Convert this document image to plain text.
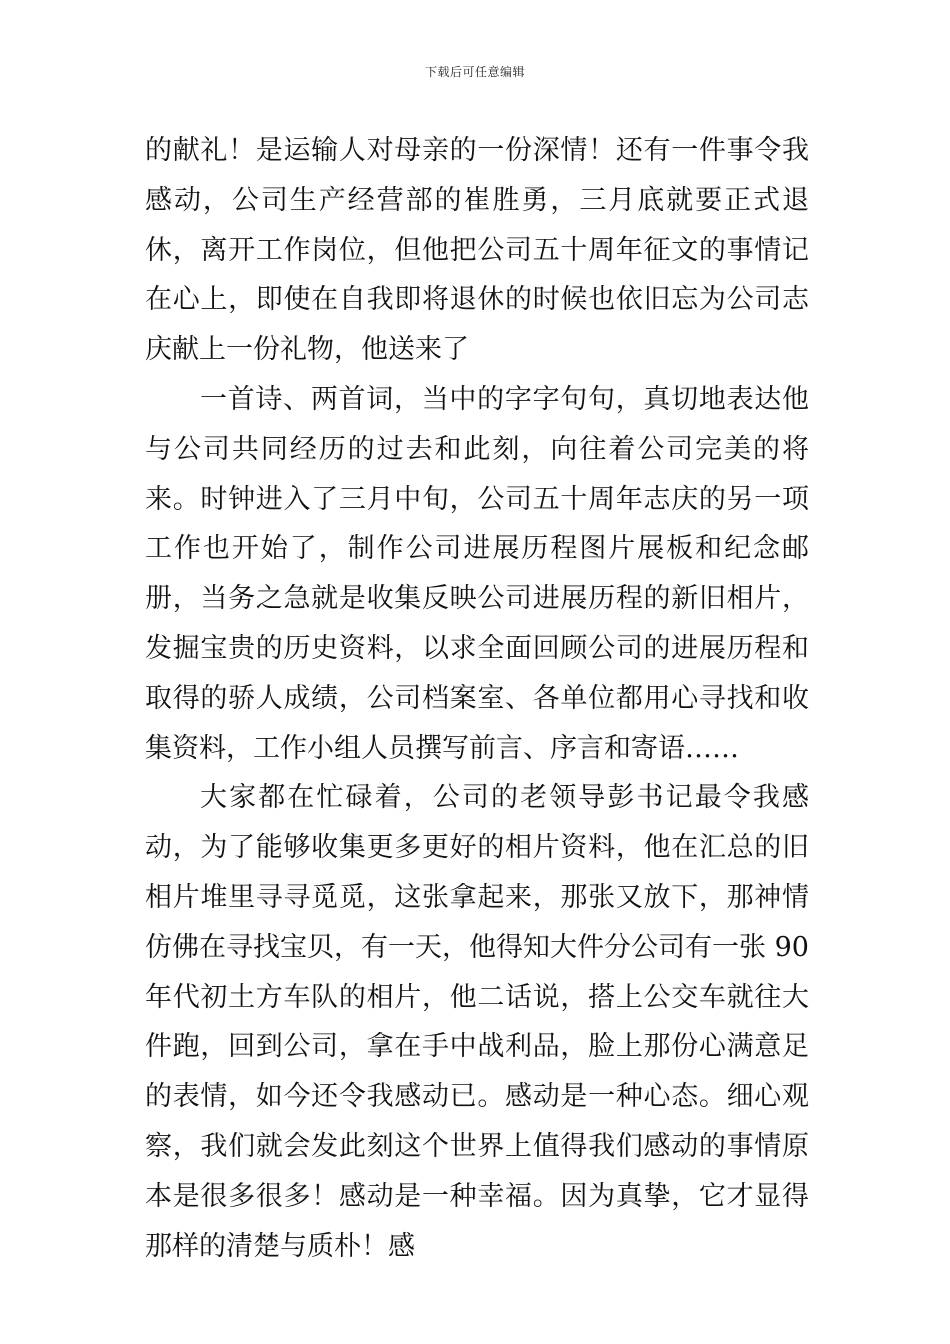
下载后可任意编辑

的献礼！是运输人对母亲的一份深情！还有一件事令我感动，公司生产经营部的崔胜勇，三月底就要正式退休，离开工作岗位，但他把公司五十周年征文的事情记在心上，即使在自我即将退休的时候也依旧忘为公司志庆献上一份礼物，他送来了

一首诗、两首词，当中的字字句句，真切地表达他与公司共同经历的过去和此刻，向往着公司完美的将来。时钟进入了三月中旬，公司五十周年志庆的另一项工作也开始了，制作公司进展历程图片展板和纪念邮册，当务之急就是收集反映公司进展历程的新旧相片，发掘宝贵的历史资料，以求全面回顾公司的进展历程和取得的骄人成绩，公司档案室、各单位都用心寻找和收集资料，工作小组人员撰写前言、序言和寄语……

大家都在忙碌着，公司的老领导彭书记最令我感动，为了能够收集更多更好的相片资料，他在汇总的旧相片堆里寻寻觅觅，这张拿起来，那张又放下，那神情仿佛在寻找宝贝，有一天，他得知大件分公司有一张 90 年代初土方车队的相片，他二话说，搭上公交车就往大件跑，回到公司，拿在手中战利品，脸上那份心满意足的表情，如今还令我感动已。感动是一种心态。细心观察，我们就会发此刻这个世界上值得我们感动的事情原本是很多很多！感动是一种幸福。因为真挚，它才显得那样的清楚与质朴！感
